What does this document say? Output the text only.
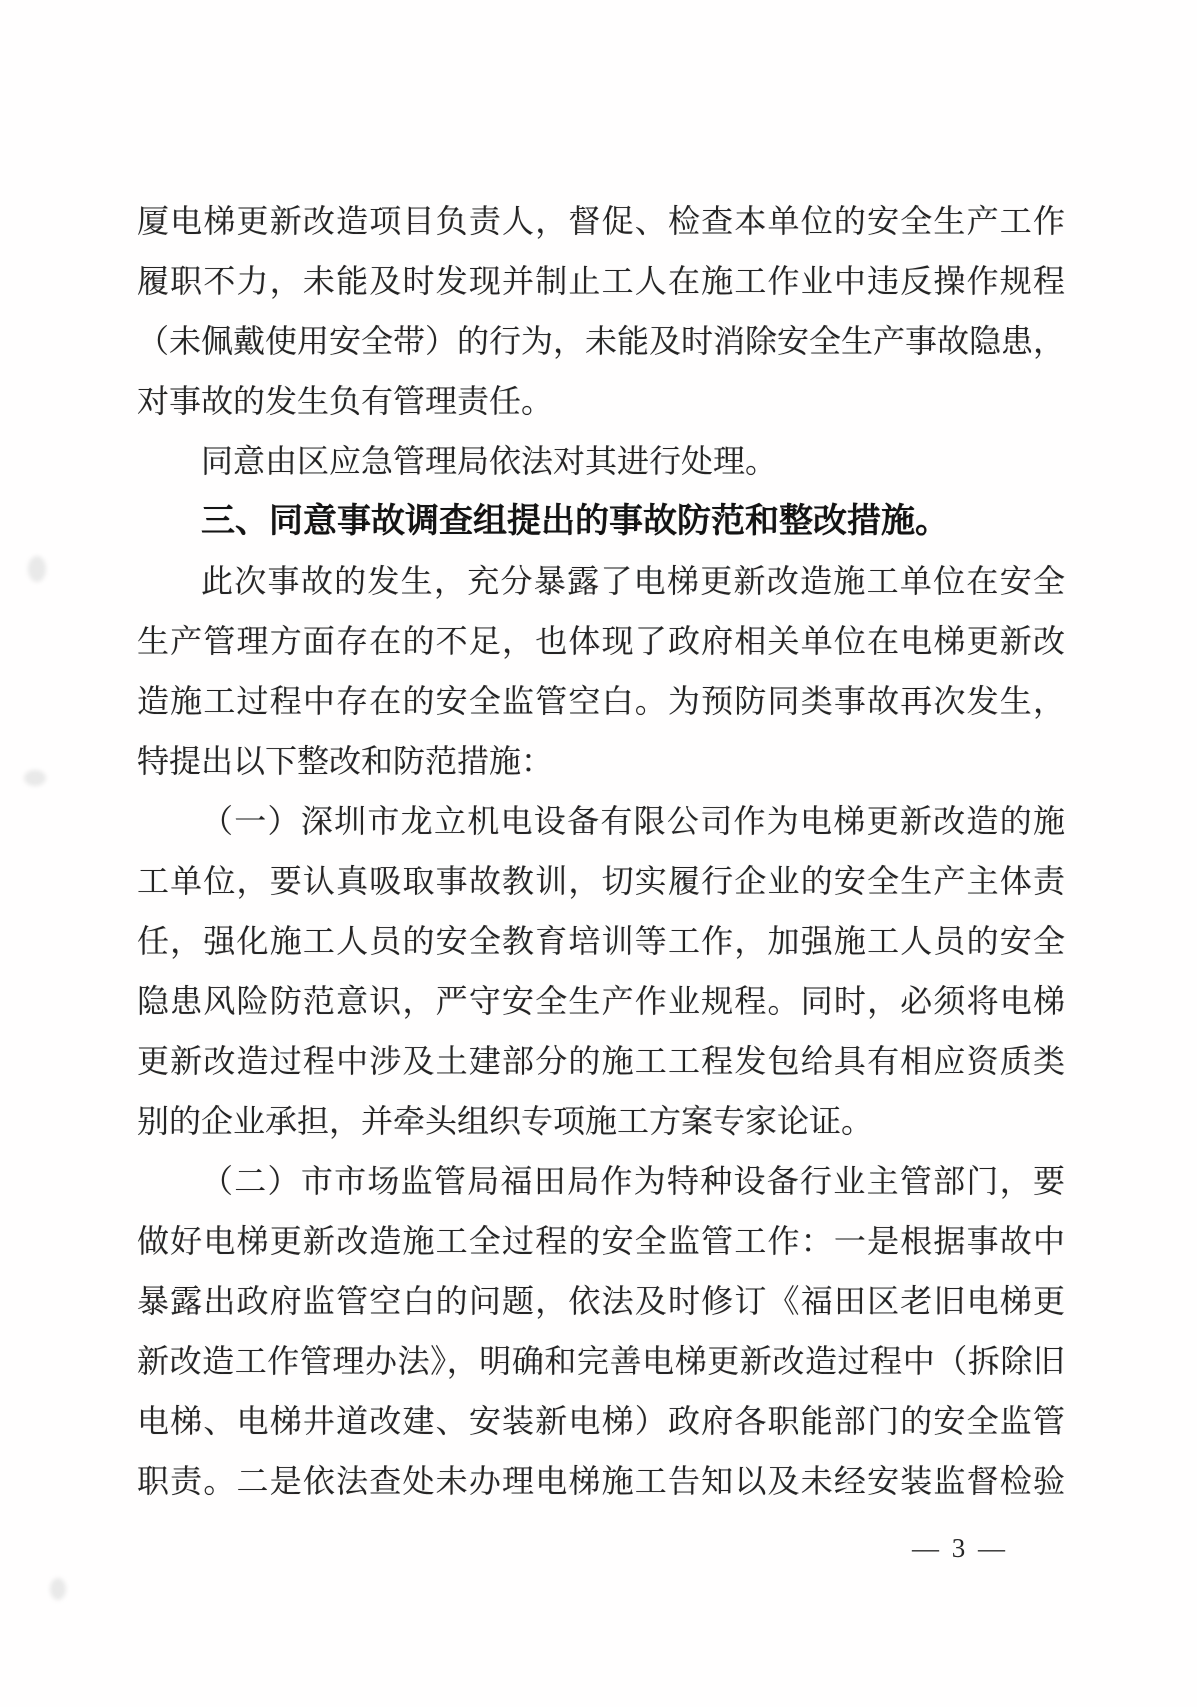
厦电梯更新改造项目负责人，督促、检查本单位的安全生产工作
履职不力，未能及时发现并制止工人在施工作业中违反操作规程
（未佩戴使用安全带）的行为，未能及时消除安全生产事故隐患，
对事故的发生负有管理责任。
同意由区应急管理局依法对其进行处理。
三、同意事故调查组提出的事故防范和整改措施。
此次事故的发生，充分暴露了电梯更新改造施工单位在安全
生产管理方面存在的不足，也体现了政府相关单位在电梯更新改
造施工过程中存在的安全监管空白。为预防同类事故再次发生，
特提出以下整改和防范措施：
（一）深圳市龙立机电设备有限公司作为电梯更新改造的施
工单位，要认真吸取事故教训，切实履行企业的安全生产主体责
任，强化施工人员的安全教育培训等工作，加强施工人员的安全
隐患风险防范意识，严守安全生产作业规程。同时，必须将电梯
更新改造过程中涉及土建部分的施工工程发包给具有相应资质类
别的企业承担，并牵头组织专项施工方案专家论证。
（二）市市场监管局福田局作为特种设备行业主管部门，要
做好电梯更新改造施工全过程的安全监管工作：一是根据事故中
暴露出政府监管空白的问题，依法及时修订《福田区老旧电梯更
新改造工作管理办法》，明确和完善电梯更新改造过程中（拆除旧
电梯、电梯井道改建、安装新电梯）政府各职能部门的安全监管
职责。二是依法查处未办理电梯施工告知以及未经安装监督检验
— 3 —
